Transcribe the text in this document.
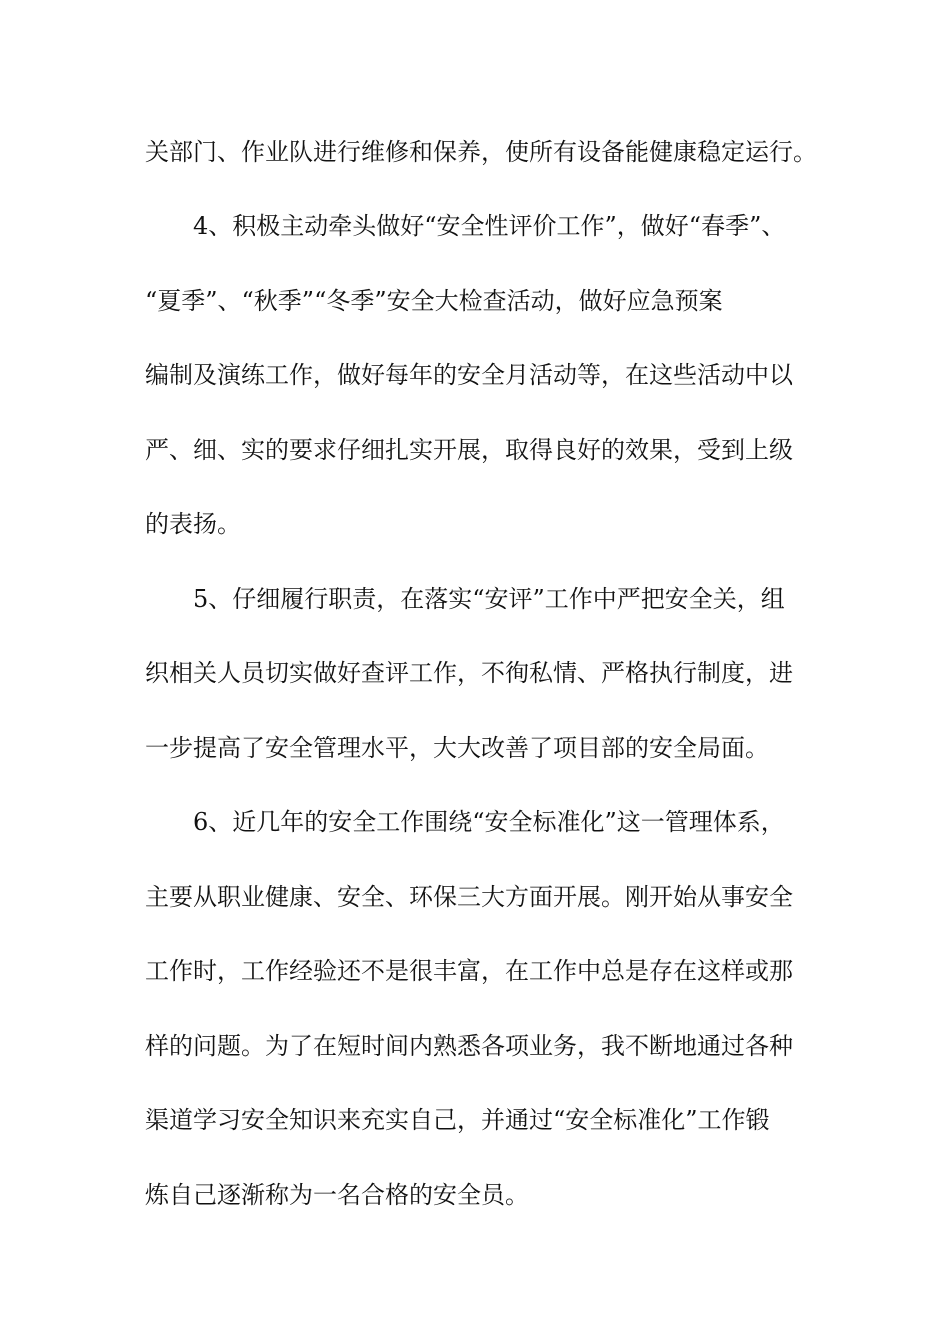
关部门、作业队进行维修和保养，使所有设备能健康稳定运行。
4、积极主动牵头做好“安全性评价工作”，做好“春季”、
“夏季”、“秋季”“冬季”安全大检查活动，做好应急预案
编制及演练工作，做好每年的安全月活动等，在这些活动中以
严、细、实的要求仔细扎实开展，取得良好的效果，受到上级
的表扬。
5、仔细履行职责，在落实“安评”工作中严把安全关，组
织相关人员切实做好查评工作，不徇私情、严格执行制度，进
一步提高了安全管理水平，大大改善了项目部的安全局面。
6、近几年的安全工作围绕“安全标准化”这一管理体系，
主要从职业健康、安全、环保三大方面开展。刚开始从事安全
工作时，工作经验还不是很丰富，在工作中总是存在这样或那
样的问题。为了在短时间内熟悉各项业务，我不断地通过各种
渠道学习安全知识来充实自己，并通过“安全标准化”工作锻
炼自己逐渐称为一名合格的安全员。
